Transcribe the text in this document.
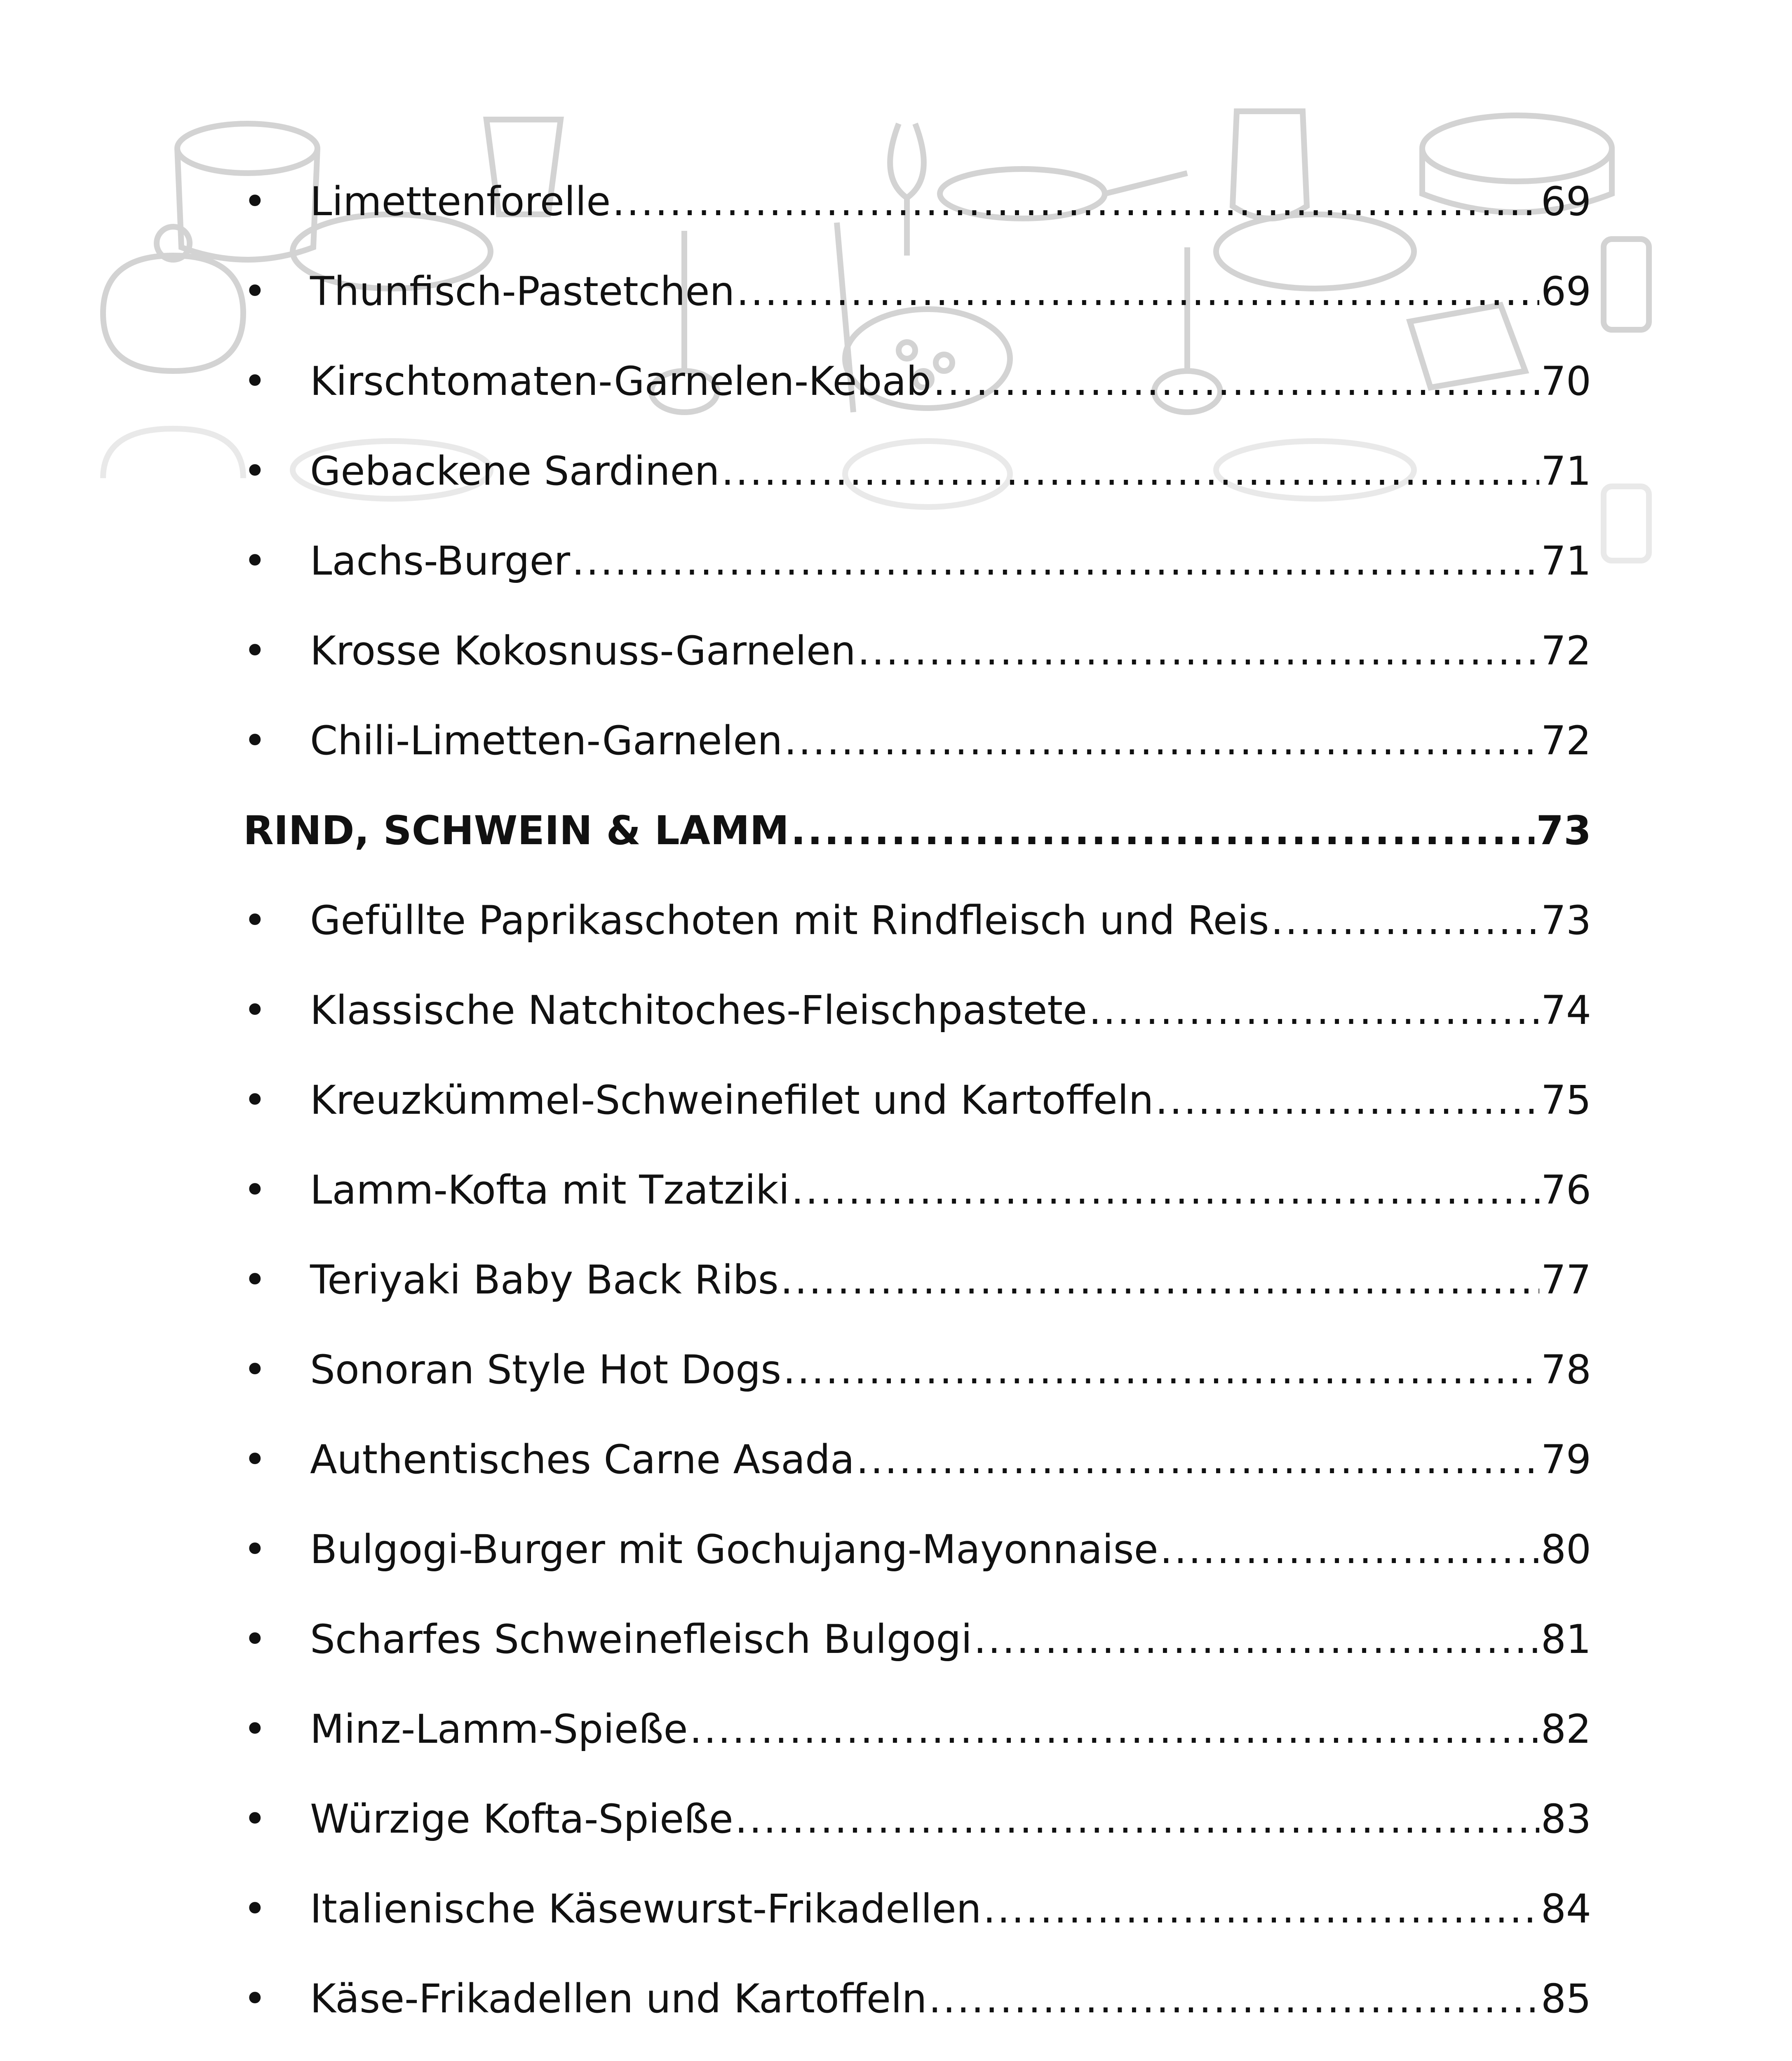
•	Limettenforelle .....	69
•	Thunfisch-Pastetchen .....	69
•	Kirschtomaten-Garnelen-Kebab .....	70
•	Gebackene Sardinen .....	71
•	Lachs-Burger .....	71
•	Krosse Kokosnuss-Garnelen .....	72
•	Chili-Limetten-Garnelen .....	72
RIND, SCHWEIN & LAMM .....	73
•	Gefüllte Paprikaschoten mit Rindfleisch und Reis .....	73
•	Klassische Natchitoches-Fleischpastete .....	74
•	Kreuzkümmel-Schweinefilet und Kartoffeln .....	75
•	Lamm-Kofta mit Tzatziki .....	76
•	Teriyaki Baby Back Ribs .....	77
•	Sonoran Style Hot Dogs .....	78
•	Authentisches Carne Asada .....	79
•	Bulgogi-Burger mit Gochujang-Mayonnaise .....	80
•	Scharfes Schweinefleisch Bulgogi .....	81
•	Minz-Lamm-Spieße .....	82
•	Würzige Kofta-Spieße .....	83
•	Italienische Käsewurst-Frikadellen .....	84
•	Käse-Frikadellen und Kartoffeln .....	85
.....
